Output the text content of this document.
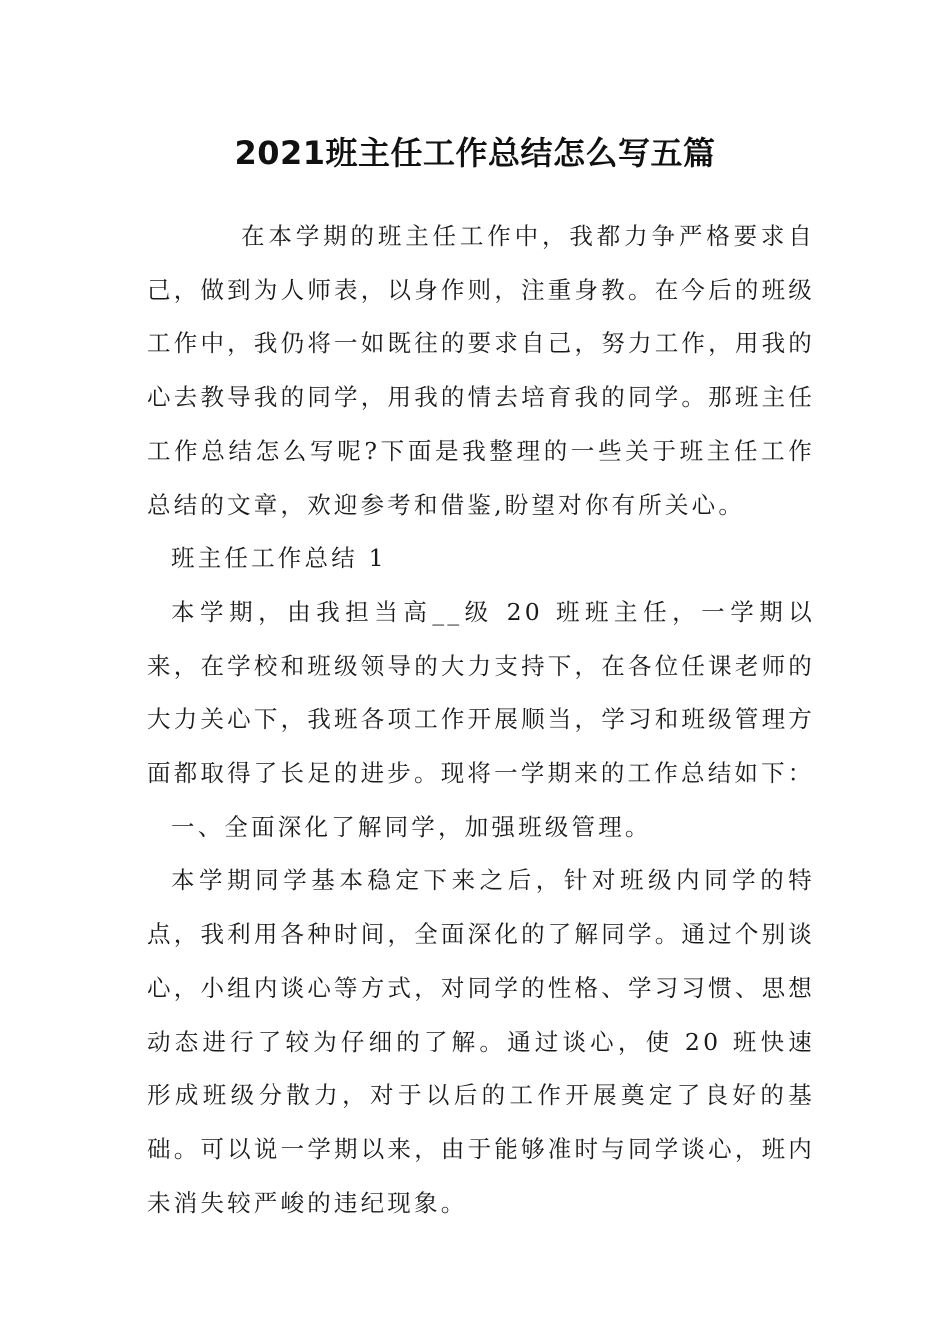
2021班主任工作总结怎么写五篇

在本学期的班主任工作中，我都力争严格要求自己，做到为人师表，以身作则，注重身教。在今后的班级工作中，我仍将一如既往的要求自己，努力工作，用我的心去教导我的同学，用我的情去培育我的同学。那班主任工作总结怎么写呢?下面是我整理的一些关于班主任工作总结的文章，欢迎参考和借鉴,盼望对你有所关心。

班主任工作总结 1

本学期，由我担当高__级 20 班班主任，一学期以来，在学校和班级领导的大力支持下，在各位任课老师的大力关心下，我班各项工作开展顺当，学习和班级管理方面都取得了长足的进步。现将一学期来的工作总结如下：

一、全面深化了解同学，加强班级管理。

本学期同学基本稳定下来之后，针对班级内同学的特点，我利用各种时间，全面深化的了解同学。通过个别谈心，小组内谈心等方式，对同学的性格、学习习惯、思想动态进行了较为仔细的了解。通过谈心，使 20 班快速形成班级分散力，对于以后的工作开展奠定了良好的基础。可以说一学期以来，由于能够准时与同学谈心，班内未消失较严峻的违纪现象。
